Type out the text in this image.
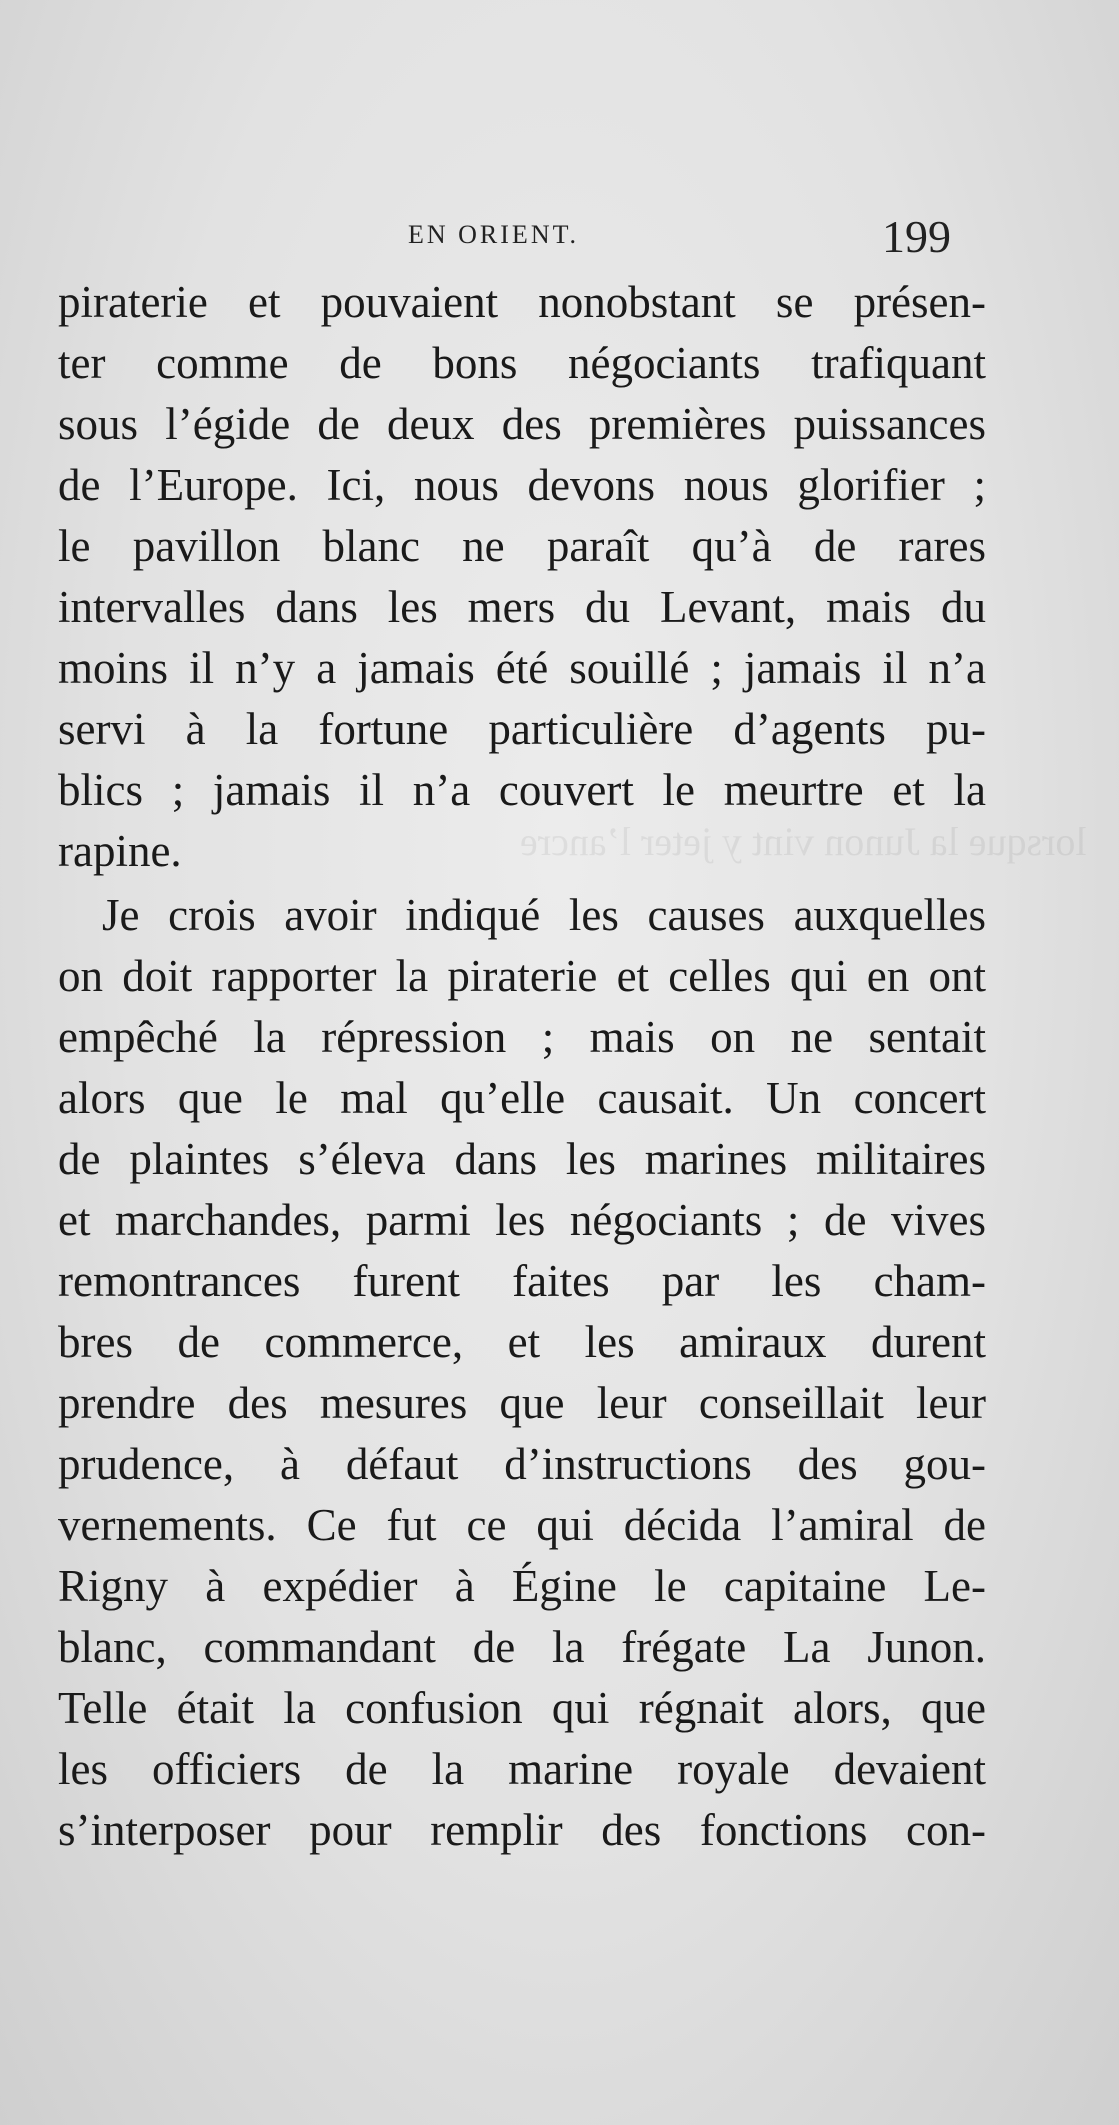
lorsque la Junon vint y jeter l’ancre
EN ORIENT.	199
piraterie et pouvaient nonobstant se présen-
ter comme de bons négociants trafiquant
sous l’égide de deux des premières puissances
de l’Europe. Ici, nous devons nous glorifier ;
le pavillon blanc ne paraît qu’à de rares
intervalles dans les mers du Levant, mais du
moins il n’y a jamais été souillé ; jamais il n’a
servi à la fortune particulière d’agents pu-
blics ; jamais il n’a couvert le meurtre et la
rapine.
Je crois avoir indiqué les causes auxquelles
on doit rapporter la piraterie et celles qui en ont
empêché la répression ; mais on ne sentait
alors que le mal qu’elle causait. Un concert
de plaintes s’éleva dans les marines militaires
et marchandes, parmi les négociants ; de vives
remontrances furent faites par les cham-
bres de commerce, et les amiraux durent
prendre des mesures que leur conseillait leur
prudence, à défaut d’instructions des gou-
vernements. Ce fut ce qui décida l’amiral de
Rigny à expédier à Égine le capitaine Le-
blanc, commandant de la frégate La Junon.
Telle était la confusion qui régnait alors, que
les officiers de la marine royale devaient
s’interposer pour remplir des fonctions con-
